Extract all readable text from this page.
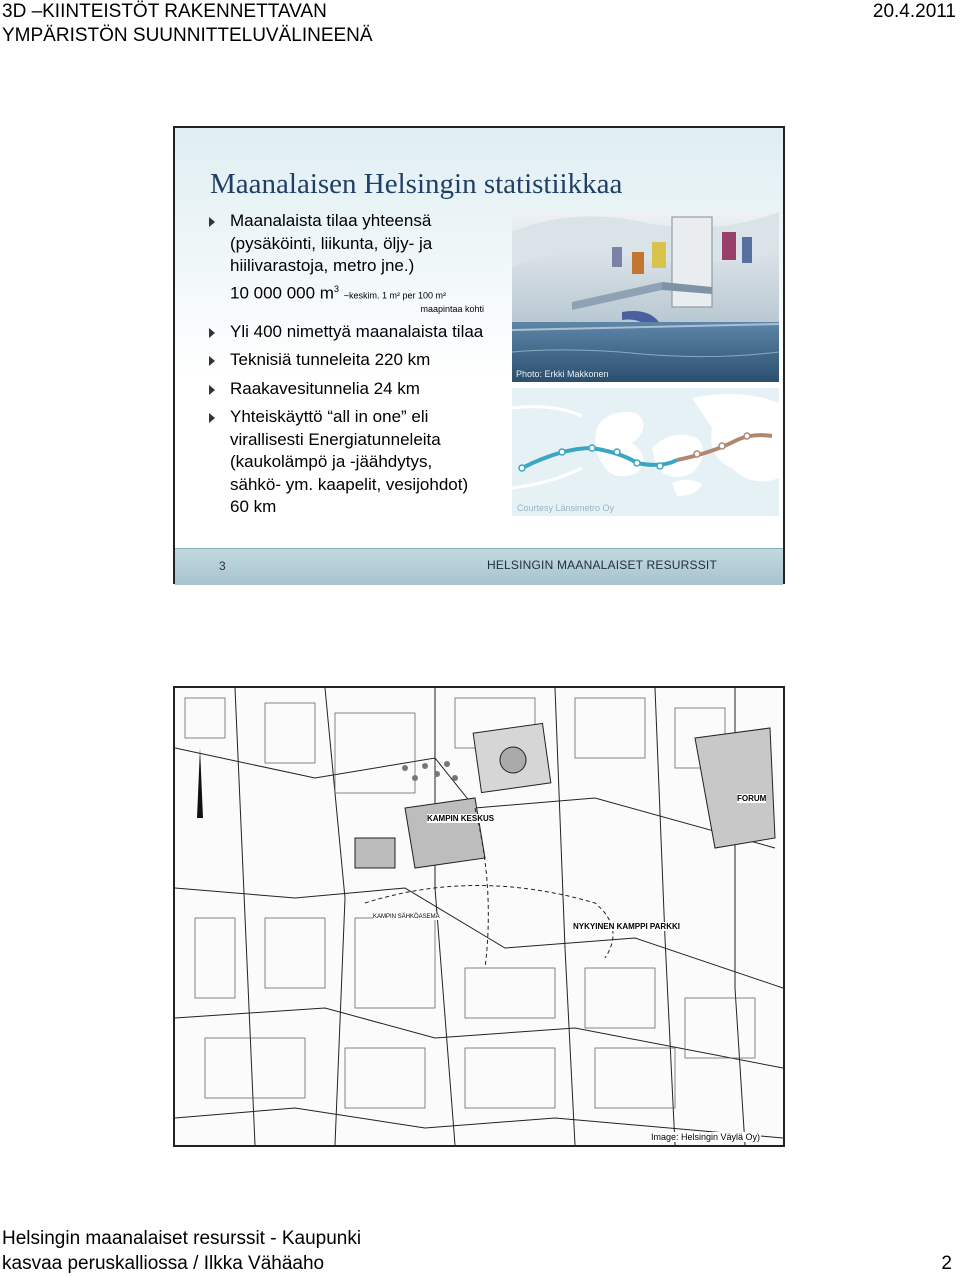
3D –KIINTEISTÖT RAKENNETTAVAN
YMPÄRISTÖN SUUNNITTELUVÄLINEENÄ
20.4.2011
Maanalaisen Helsingin statistiikkaa
Maanalaista tilaa yhteensä (pysäköinti, liikunta, öljy- ja hiilivarastoja, metro jne.)
10 000 000 $m^3$ ~keskim. 1 m² per 100 m²
maapintaa kohti
Yli 400 nimettyä maanalaista tilaa
Teknisiä tunneleita 220 km
Raakavesitunnelia 24 km
Yhteiskäyttö “all in one” eli virallisesti Energiatunneleita (kaukolämpö ja -jäähdytys, sähkö- ym. kaapelit, vesijohdot) 60 km
Photo: Erkki Makkonen
Courtesy Länsimetro Oy
3	HELSINGIN MAANALAISET RESURSSIT
KAMPIN KESKUS
FORUM
NYKYINEN KAMPPI PARKKI
KAMPIN SÄHKÖASEMA
Image: Helsingin Väylä Oy)
Helsingin maanalaiset resurssit - Kaupunki
kasvaa peruskalliossa / Ilkka Vähäaho	2
